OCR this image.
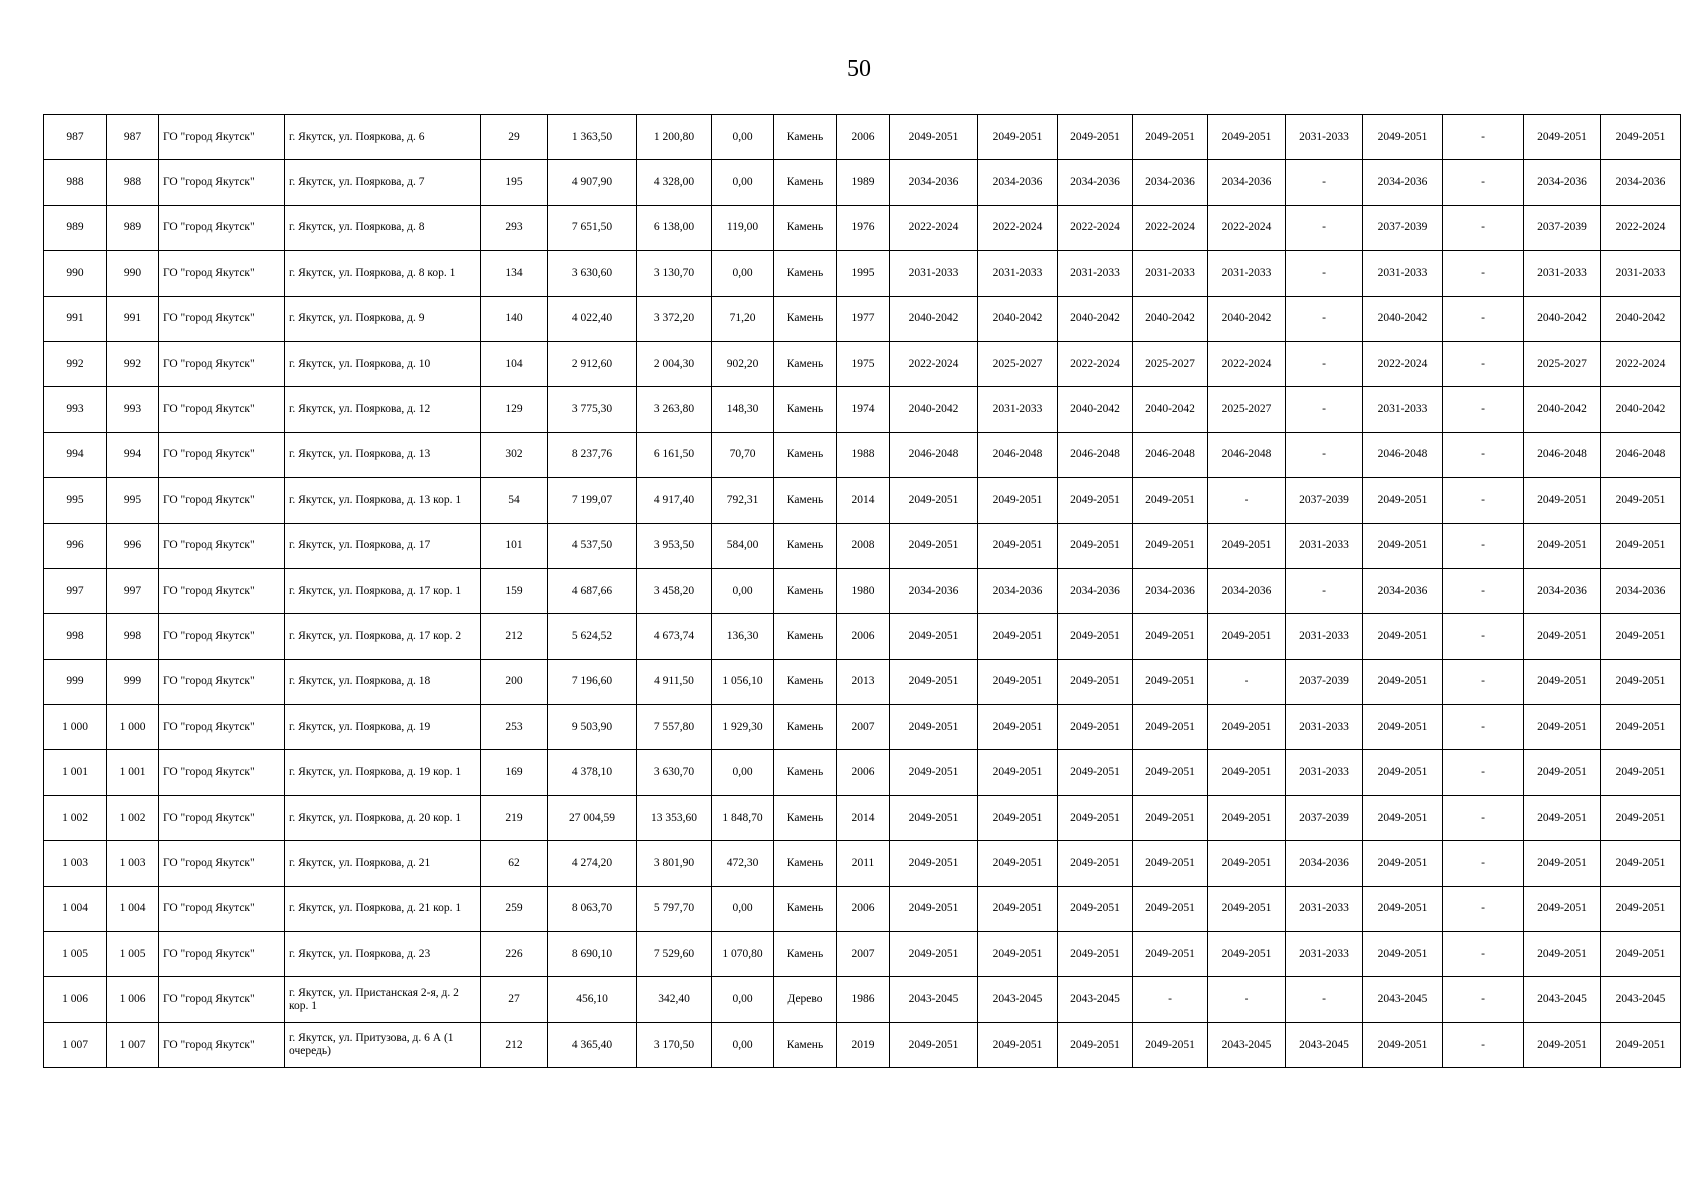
50
987	987	ГО "город Якутск"	г. Якутск, ул. Пояркова, д. 6	29	1 363,50	1 200,80	0,00	Камень	2006	2049-2051	2049-2051	2049-2051	2049-2051	2049-2051	2031-2033	2049-2051	-	2049-2051	2049-2051
988	988	ГО "город Якутск"	г. Якутск, ул. Пояркова, д. 7	195	4 907,90	4 328,00	0,00	Камень	1989	2034-2036	2034-2036	2034-2036	2034-2036	2034-2036	-	2034-2036	-	2034-2036	2034-2036
989	989	ГО "город Якутск"	г. Якутск, ул. Пояркова, д. 8	293	7 651,50	6 138,00	119,00	Камень	1976	2022-2024	2022-2024	2022-2024	2022-2024	2022-2024	-	2037-2039	-	2037-2039	2022-2024
990	990	ГО "город Якутск"	г. Якутск, ул. Пояркова, д. 8 кор. 1	134	3 630,60	3 130,70	0,00	Камень	1995	2031-2033	2031-2033	2031-2033	2031-2033	2031-2033	-	2031-2033	-	2031-2033	2031-2033
991	991	ГО "город Якутск"	г. Якутск, ул. Пояркова, д. 9	140	4 022,40	3 372,20	71,20	Камень	1977	2040-2042	2040-2042	2040-2042	2040-2042	2040-2042	-	2040-2042	-	2040-2042	2040-2042
992	992	ГО "город Якутск"	г. Якутск, ул. Пояркова, д. 10	104	2 912,60	2 004,30	902,20	Камень	1975	2022-2024	2025-2027	2022-2024	2025-2027	2022-2024	-	2022-2024	-	2025-2027	2022-2024
993	993	ГО "город Якутск"	г. Якутск, ул. Пояркова, д. 12	129	3 775,30	3 263,80	148,30	Камень	1974	2040-2042	2031-2033	2040-2042	2040-2042	2025-2027	-	2031-2033	-	2040-2042	2040-2042
994	994	ГО "город Якутск"	г. Якутск, ул. Пояркова, д. 13	302	8 237,76	6 161,50	70,70	Камень	1988	2046-2048	2046-2048	2046-2048	2046-2048	2046-2048	-	2046-2048	-	2046-2048	2046-2048
995	995	ГО "город Якутск"	г. Якутск, ул. Пояркова, д. 13 кор. 1	54	7 199,07	4 917,40	792,31	Камень	2014	2049-2051	2049-2051	2049-2051	2049-2051	-	2037-2039	2049-2051	-	2049-2051	2049-2051
996	996	ГО "город Якутск"	г. Якутск, ул. Пояркова, д. 17	101	4 537,50	3 953,50	584,00	Камень	2008	2049-2051	2049-2051	2049-2051	2049-2051	2049-2051	2031-2033	2049-2051	-	2049-2051	2049-2051
997	997	ГО "город Якутск"	г. Якутск, ул. Пояркова, д. 17 кор. 1	159	4 687,66	3 458,20	0,00	Камень	1980	2034-2036	2034-2036	2034-2036	2034-2036	2034-2036	-	2034-2036	-	2034-2036	2034-2036
998	998	ГО "город Якутск"	г. Якутск, ул. Пояркова, д. 17 кор. 2	212	5 624,52	4 673,74	136,30	Камень	2006	2049-2051	2049-2051	2049-2051	2049-2051	2049-2051	2031-2033	2049-2051	-	2049-2051	2049-2051
999	999	ГО "город Якутск"	г. Якутск, ул. Пояркова, д. 18	200	7 196,60	4 911,50	1 056,10	Камень	2013	2049-2051	2049-2051	2049-2051	2049-2051	-	2037-2039	2049-2051	-	2049-2051	2049-2051
1 000	1 000	ГО "город Якутск"	г. Якутск, ул. Пояркова, д. 19	253	9 503,90	7 557,80	1 929,30	Камень	2007	2049-2051	2049-2051	2049-2051	2049-2051	2049-2051	2031-2033	2049-2051	-	2049-2051	2049-2051
1 001	1 001	ГО "город Якутск"	г. Якутск, ул. Пояркова, д. 19 кор. 1	169	4 378,10	3 630,70	0,00	Камень	2006	2049-2051	2049-2051	2049-2051	2049-2051	2049-2051	2031-2033	2049-2051	-	2049-2051	2049-2051
1 002	1 002	ГО "город Якутск"	г. Якутск, ул. Пояркова, д. 20 кор. 1	219	27 004,59	13 353,60	1 848,70	Камень	2014	2049-2051	2049-2051	2049-2051	2049-2051	2049-2051	2037-2039	2049-2051	-	2049-2051	2049-2051
1 003	1 003	ГО "город Якутск"	г. Якутск, ул. Пояркова, д. 21	62	4 274,20	3 801,90	472,30	Камень	2011	2049-2051	2049-2051	2049-2051	2049-2051	2049-2051	2034-2036	2049-2051	-	2049-2051	2049-2051
1 004	1 004	ГО "город Якутск"	г. Якутск, ул. Пояркова, д. 21 кор. 1	259	8 063,70	5 797,70	0,00	Камень	2006	2049-2051	2049-2051	2049-2051	2049-2051	2049-2051	2031-2033	2049-2051	-	2049-2051	2049-2051
1 005	1 005	ГО "город Якутск"	г. Якутск, ул. Пояркова, д. 23	226	8 690,10	7 529,60	1 070,80	Камень	2007	2049-2051	2049-2051	2049-2051	2049-2051	2049-2051	2031-2033	2049-2051	-	2049-2051	2049-2051
1 006	1 006	ГО "город Якутск"	г. Якутск, ул. Пристанская 2-я, д. 2 кор. 1	27	456,10	342,40	0,00	Дерево	1986	2043-2045	2043-2045	2043-2045	-	-	-	2043-2045	-	2043-2045	2043-2045
1 007	1 007	ГО "город Якутск"	г. Якутск, ул. Притузова, д. 6 А (1 очередь)	212	4 365,40	3 170,50	0,00	Камень	2019	2049-2051	2049-2051	2049-2051	2049-2051	2043-2045	2043-2045	2049-2051	-	2049-2051	2049-2051
